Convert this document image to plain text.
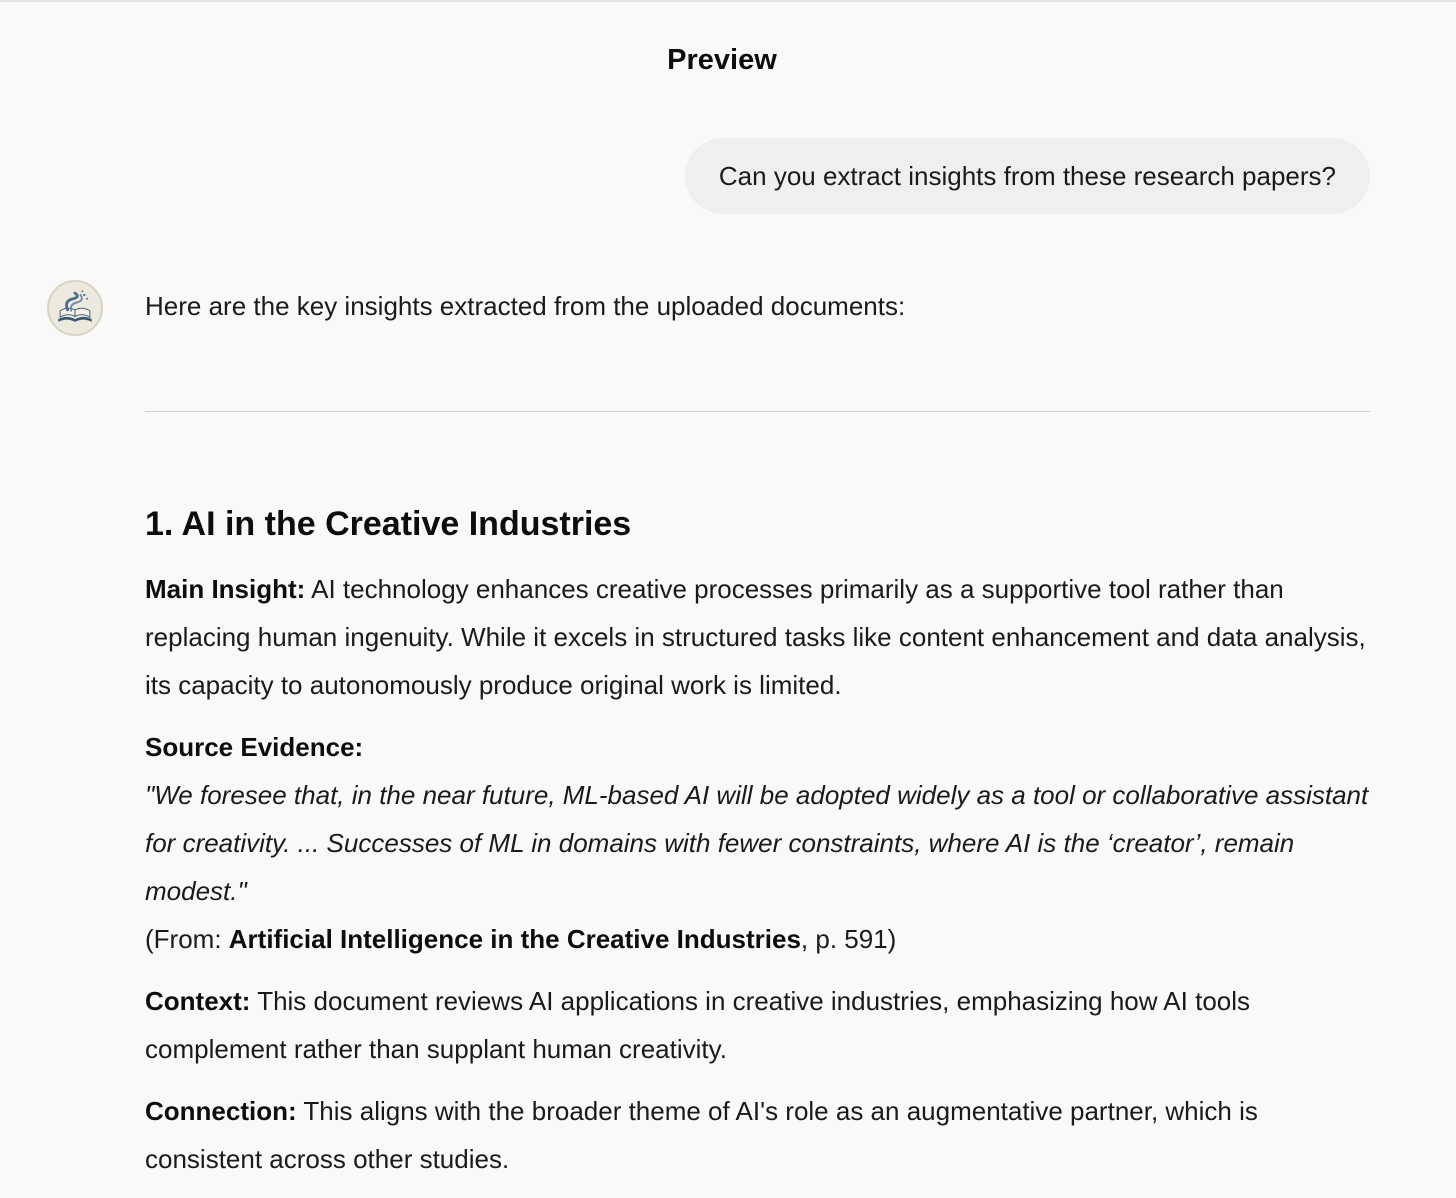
Preview
Can you extract insights from these research papers?
Here are the key insights extracted from the uploaded documents:
1. AI in the Creative Industries

Main Insight: AI technology enhances creative processes primarily as a supportive tool rather than replacing human ingenuity. While it excels in structured tasks like content enhancement and data analysis, its capacity to autonomously produce original work is limited.

Source Evidence:
"We foresee that, in the near future, ML-based AI will be adopted widely as a tool or collaborative assistant for creativity. ... Successes of ML in domains with fewer constraints, where AI is the ‘creator’, remain modest."
(From: Artificial Intelligence in the Creative Industries, p. 591)

Context: This document reviews AI applications in creative industries, emphasizing how AI tools complement rather than supplant human creativity.

Connection: This aligns with the broader theme of AI's role as an augmentative partner, which is consistent across other studies.
